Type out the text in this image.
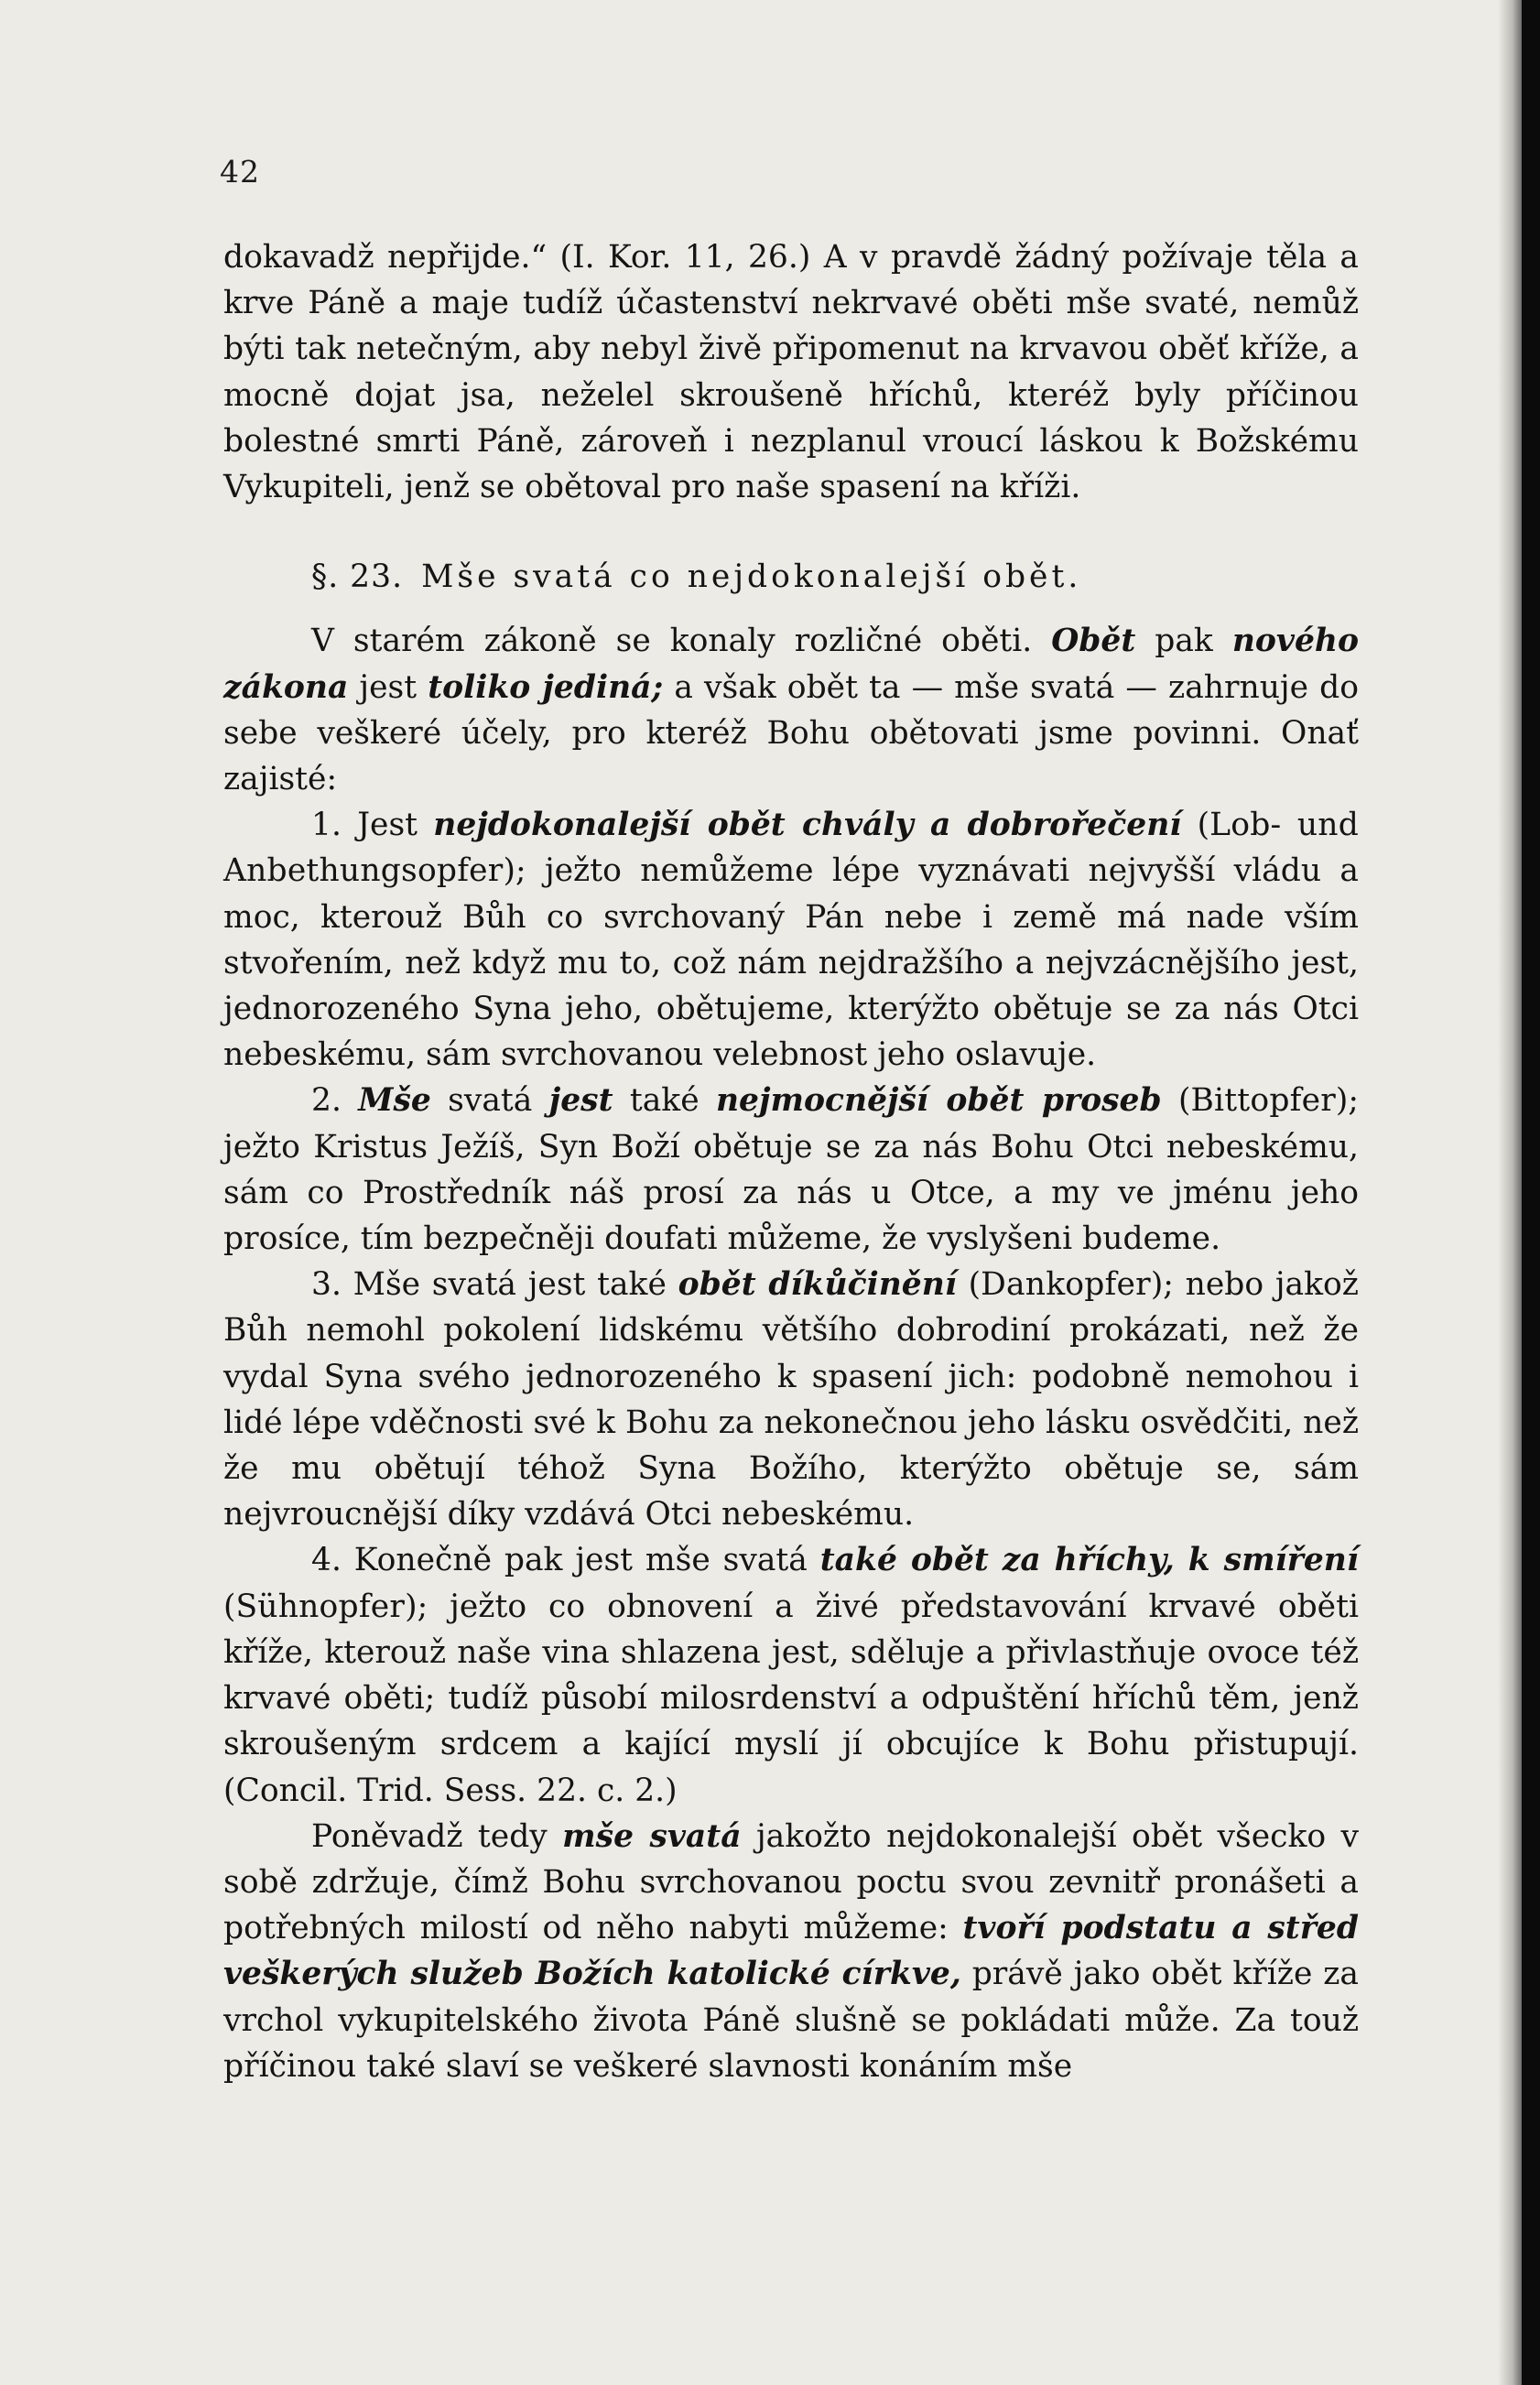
42

dokavadž nepřijde.“ (I. Kor. 11, 26.) A v pravdě žádný požívaje těla a krve Páně a maje tudíž účastenství nekrvavé oběti mše svaté, nemůž býti tak netečným, aby nebyl živě připomenut na krvavou oběť kříže, a mocně dojat jsa, neželel skroušeně hříchů, kteréž byly příčinou bolestné smrti Páně, zároveň i nezplanul vroucí láskou k Božskému Vykupiteli, jenž se obětoval pro naše spasení na kříži.

§. 23. Mše svatá co nejdokonalejší obět.

V starém zákoně se konaly rozličné oběti. Obět pak nového zákona jest toliko jediná; a však obět ta — mše svatá — zahrnuje do sebe veškeré účely, pro kteréž Bohu obětovati jsme povinni. Onať zajisté:

1. Jest nejdokonalejší obět chvály a dobrořečení (Lob- und Anbethungsopfer); ježto nemůžeme lépe vyznávati nejvyšší vládu a moc, kterouž Bůh co svrchovaný Pán nebe i země má nade vším stvořením, než když mu to, což nám nejdražšího a nejvzácnějšího jest, jednorozeného Syna jeho, obětujeme, kterýžto obětuje se za nás Otci nebeskému, sám svrchovanou velebnost jeho oslavuje.

2. Mše svatá jest také nejmocnější obět proseb (Bittopfer); ježto Kristus Ježíš, Syn Boží obětuje se za nás Bohu Otci nebeskému, sám co Prostředník náš prosí za nás u Otce, a my ve jménu jeho prosíce, tím bezpečněji doufati můžeme, že vyslyšeni budeme.

3. Mše svatá jest také obět díkůčinění (Dankopfer); nebo jakož Bůh nemohl pokolení lidskému většího dobrodiní prokázati, než že vydal Syna svého jednorozeného k spasení jich: podobně nemohou i lidé lépe vděčnosti své k Bohu za nekonečnou jeho lásku osvědčiti, než že mu obětují téhož Syna Božího, kterýžto obětuje se, sám nejvroucnější díky vzdává Otci nebeskému.

4. Konečně pak jest mše svatá také obět za hříchy, k smíření (Sühnopfer); ježto co obnovení a živé představování krvavé oběti kříže, kterouž naše vina shlazena jest, sděluje a přivlastňuje ovoce též krvavé oběti; tudíž působí milosrdenství a odpuštění hříchů těm, jenž skroušeným srdcem a kající myslí jí obcujíce k Bohu přistupují. (Concil. Trid. Sess. 22. c. 2.)

Poněvadž tedy mše svatá jakožto nejdokonalejší obět všecko v sobě zdržuje, čímž Bohu svrchovanou poctu svou zevnitř pronášeti a potřebných milostí od něho nabyti můžeme: tvoří podstatu a střed veškerých služeb Božích katolické církve, právě jako obět kříže za vrchol vykupitelského života Páně slušně se pokládati může. Za touž příčinou také slaví se veškeré slavnosti konáním mše
